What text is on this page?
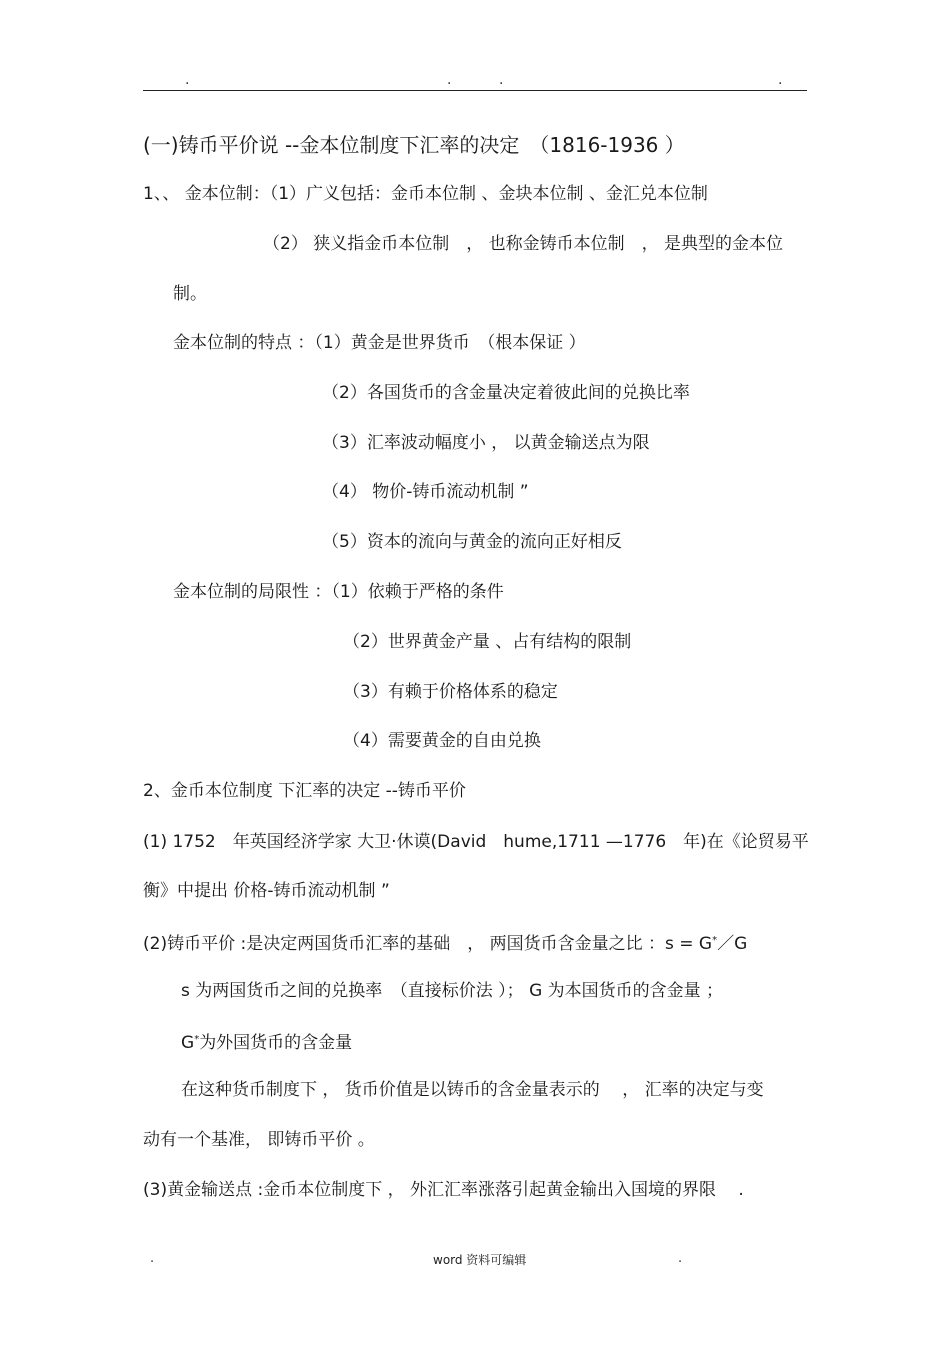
.	.	.	.
(一)铸币平价说 --金本位制度下汇率的决定　（1816-1936 ）
1、、 金本位制：（1）广义包括：金币本位制 、金块本位制 、金汇兑本位制
（2） 狭义指金币本位制　， 也称金铸币本位制　， 是典型的金本位
制。
金本位制的特点 ：（1）黄金是世界货币　（根本保证 ）
（2）各国货币的含金量决定着彼此间的兑换比率
（3）汇率波动幅度小 ， 以黄金输送点为限
（4） 物价-铸币流动机制 ”
（5）资本的流向与黄金的流向正好相反
金本位制的局限性 ：（1）依赖于严格的条件
（2）世界黄金产量 、占有结构的限制
（3）有赖于价格体系的稳定
（4）需要黄金的自由兑换
2、金币本位制度 下汇率的决定 --铸币平价
(1) 1752　年英国经济学家 大卫·休谟(David　hume,1711 —1776　年)在《论贸易平
衡》中提出 价格-铸币流动机制 ”
(2)铸币平价 :是决定两国货币汇率的基础　， 两国货币含金量之比 ：s = G*／G
s 为两国货币之间的兑换率　（直接标价法 ）； G 为本国货币的含金量 ；
G*为外国货币的含金量
在这种货币制度下 ， 货币价值是以铸币的含金量表示的　 ， 汇率的决定与变
动有一个基准， 即铸币平价 。
(3)黄金输送点 :金币本位制度下 ， 外汇汇率涨落引起黄金输出入国境的界限　 .
.	word 资料可编辑	.
